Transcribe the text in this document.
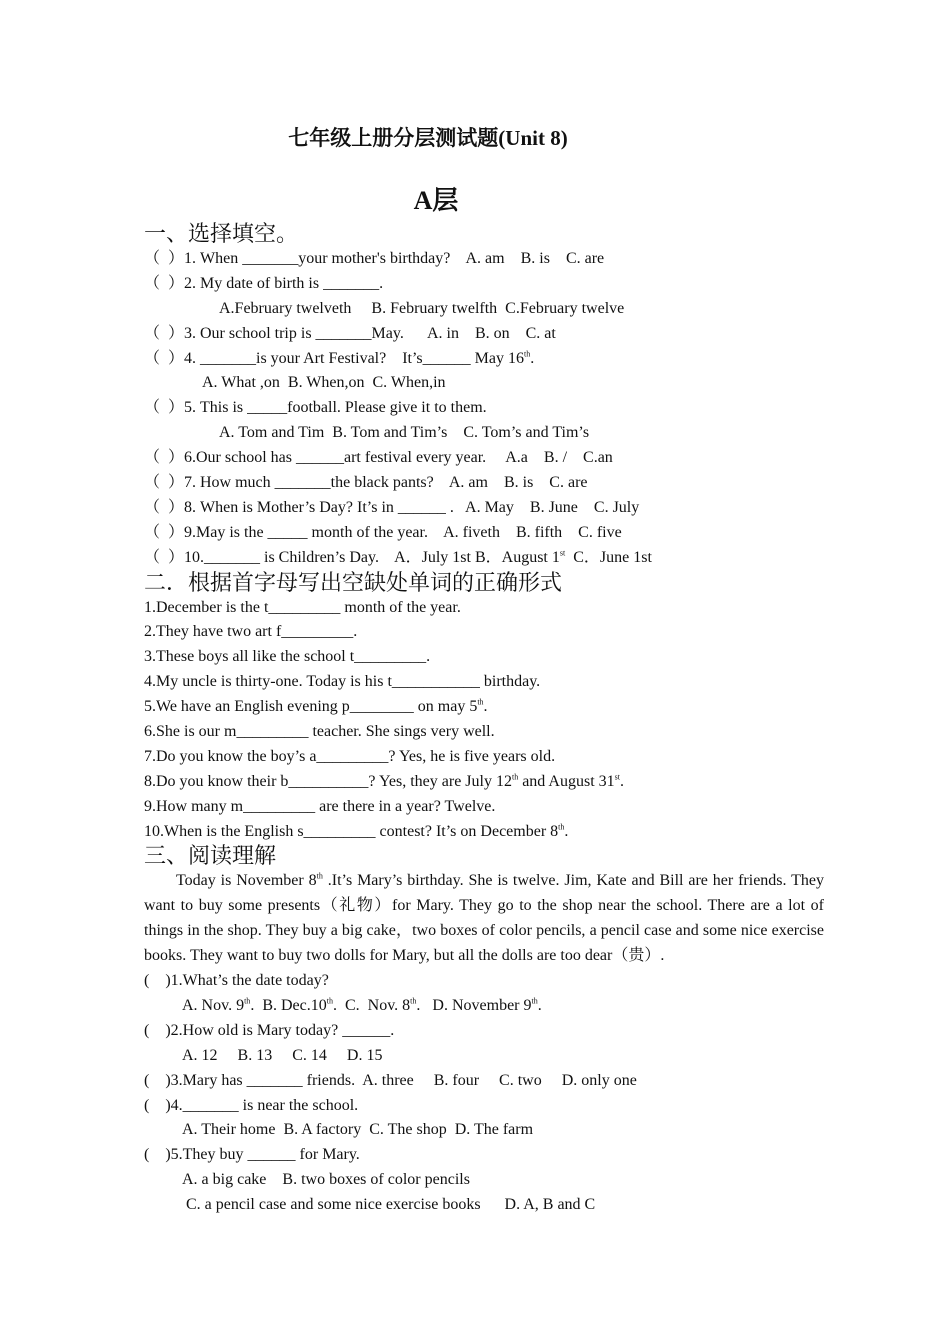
七年级上册分层测试题(Unit 8)
A层
一、选择填空。
（  ）1. When _______your mother's birthday?    A. am    B. is    C. are
（  ）2. My date of birth is _______.
A.February twelveth     B. February twelfth  C.February twelve
（  ）3. Our school trip is _______May.      A. in    B. on    C. at
（  ）4. _______is your Art Festival?    It’s______ May 16th.
A. What ,on  B. When,on  C. When,in
（  ）5. This is _____football. Please give it to them.
A. Tom and Tim  B. Tom and Tim’s    C. Tom’s and Tim’s
（  ）6.Our school has ______art festival every year.     A.a    B. /    C.an
（  ）7. How much _______the black pants?    A. am    B. is    C. are
（  ）8. When is Mother’s Day? It’s in ______ .   A. May    B. June    C. July
（  ）9.May is the _____ month of the year.    A. fiveth    B. fifth    C. five
（  ）10._______ is Children’s Day.    A．July 1st B．August 1st  C．June 1st
二．根据首字母写出空缺处单词的正确形式
1.December is the t_________ month of the year.
2.They have two art f_________.
3.These boys all like the school t_________.
4.My uncle is thirty-one. Today is his t___________ birthday.
5.We have an English evening p________ on may 5th.
6.She is our m_________ teacher. She sings very well.
7.Do you know the boy’s a_________? Yes, he is five years old.
8.Do you know their b__________? Yes, they are July 12th and August 31st.
9.How many m_________ are there in a year? Twelve.
10.When is the English s_________ contest? It’s on December 8th.
三、阅读理解
Today is November 8th .It’s Mary’s birthday. She is twelve. Jim, Kate and Bill are her friends. They want to buy some presents（礼物）for Mary. They go to the shop near the school. There are a lot of things in the shop. They buy a big cake，two boxes of color pencils, a pencil case and some nice exercise books. They want to buy two dolls for Mary, but all the dolls are too dear（贵）.
(    )1.What’s the date today?
A. Nov. 9th.  B. Dec.10th.  C.  Nov. 8th.   D. November 9th.
(    )2.How old is Mary today? ______.
A. 12     B. 13     C. 14     D. 15
(    )3.Mary has _______ friends.  A. three     B. four     C. two     D. only one
(    )4._______ is near the school.
A. Their home  B. A factory  C. The shop  D. The farm
(    )5.They buy ______ for Mary.
A. a big cake    B. two boxes of color pencils
C. a pencil case and some nice exercise books      D. A, B and C
